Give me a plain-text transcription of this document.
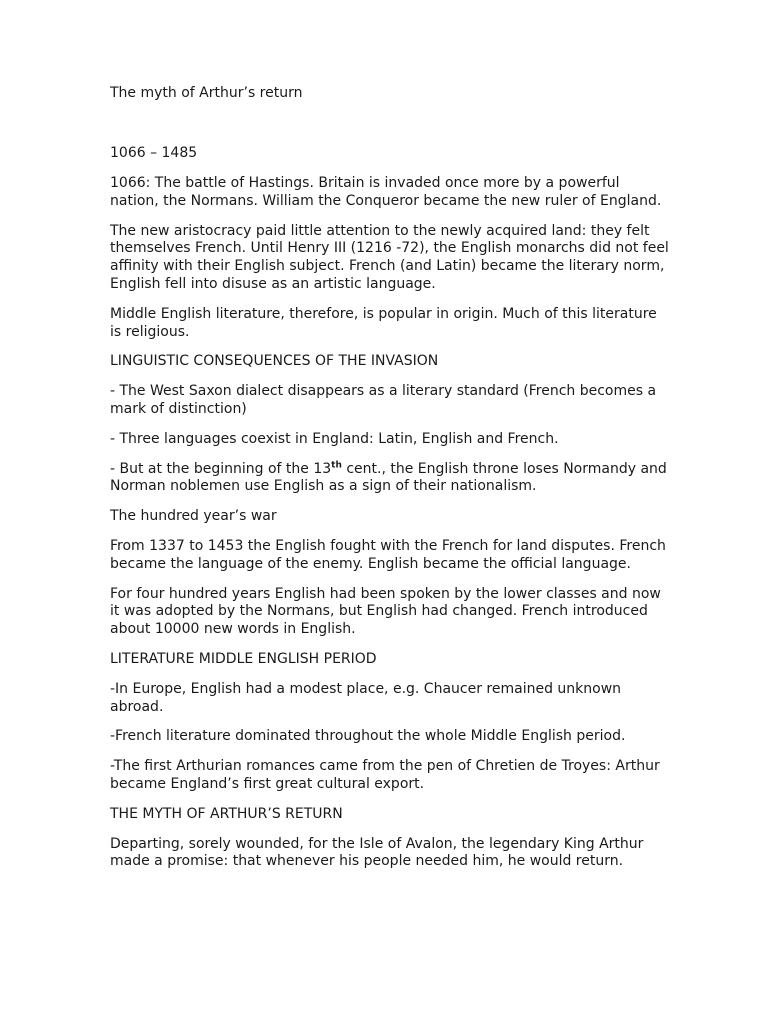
The myth of Arthur’s return

1066 – 1485

1066: The battle of Hastings. Britain is invaded once more by a powerful nation, the Normans. William the Conqueror became the new ruler of England.

The new aristocracy paid little attention to the newly acquired land: they felt themselves French. Until Henry III (1216 -72), the English monarchs did not feel affinity with their English subject. French (and Latin) became the literary norm, English fell into disuse as an artistic language.

Middle English literature, therefore, is popular in origin. Much of this literature is religious.

LINGUISTIC CONSEQUENCES OF THE INVASION

- The West Saxon dialect disappears as a literary standard (French becomes a mark of distinction)

- Three languages coexist in England: Latin, English and French.

- But at the beginning of the 13th cent., the English throne loses Normandy and Norman noblemen use English as a sign of their nationalism.

The hundred year’s war

From 1337 to 1453 the English fought with the French for land disputes. French became the language of the enemy. English became the official language.

For four hundred years English had been spoken by the lower classes and now it was adopted by the Normans, but English had changed. French introduced about 10000 new words in English.

LITERATURE MIDDLE ENGLISH PERIOD

-In Europe, English had a modest place, e.g. Chaucer remained unknown abroad.

-French literature dominated throughout the whole Middle English period.

-The first Arthurian romances came from the pen of Chretien de Troyes: Arthur became England’s first great cultural export.

THE MYTH OF ARTHUR’S RETURN

Departing, sorely wounded, for the Isle of Avalon, the legendary King Arthur made a promise: that whenever his people needed him, he would return.
